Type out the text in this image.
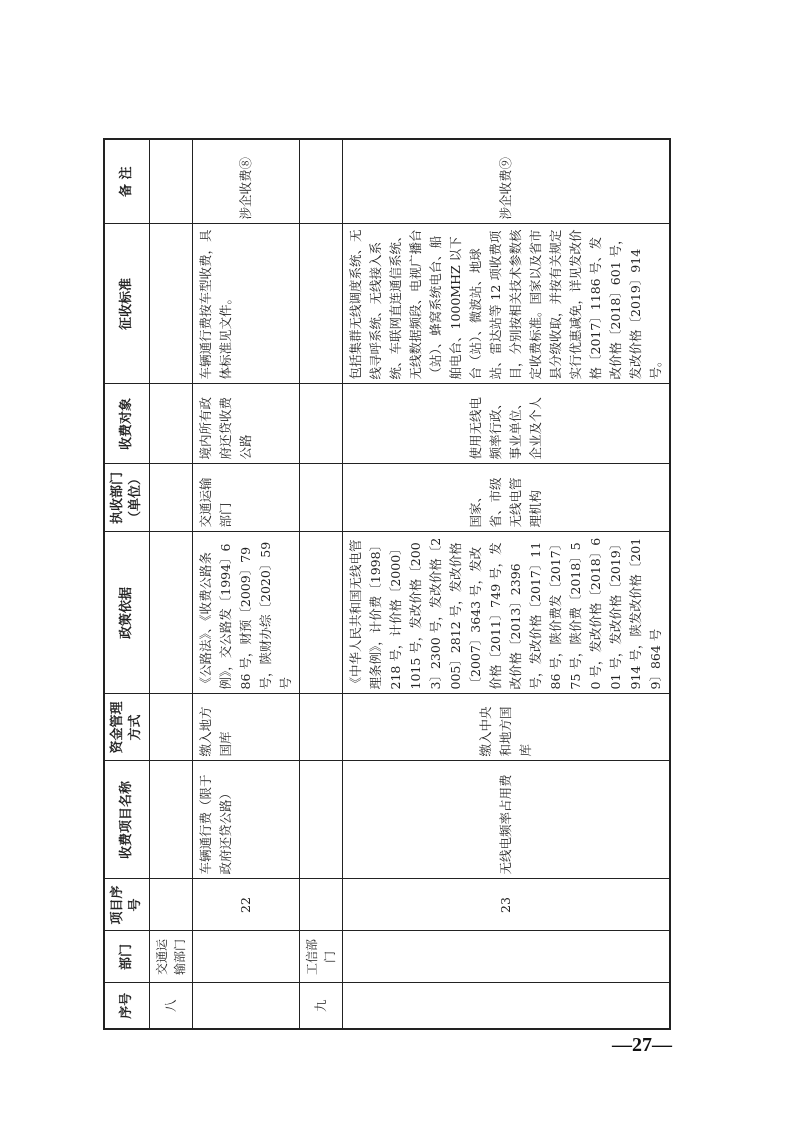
序号	部门	项目序号	收费项目名称	资金管理方式	政策依据	执收部门（单位）	收费对象	征收标准	备 注
八	交通运输部门								
		22	车辆通行费（限于政府还贷公路）	缴入地方国库	《公路法》、《收费公路条例》，交公路发〔1994〕686 号，财预〔2009〕79 号，陕财办综〔2020〕59 号	交通运输部门	境内所有政府还贷收费公路	车辆通行费按车型收费，具体标准见文件。	涉企收费⑧
九	工信部门								
		23	无线电频率占用费	缴入中央和地方国库	《中华人民共和国无线电管理条例》，计价费〔1998〕218 号，计价格〔2000〕1015 号，发改价格〔2003〕2300 号，发改价格〔2005〕2812 号，发改价格〔2007〕3643 号，发改价格〔2011〕749 号，发改价格〔2013〕2396 号，发改价格〔2017〕1186 号，陕价费发〔2017〕75 号，陕价费〔2018〕50 号，发改价格〔2018〕601 号，发改价格〔2019〕914 号，陕发改价格〔2019〕864 号	国家、省、市级无线电管理机构	使用无线电频率行政、事业单位、企业及个人	包括集群无线调度系统、无线寻呼系统、无线接入系统、车联网直连通信系统、无线数据频段、电视广播台（站）、蜂窝系统电台、船舶电台、1000MHZ 以下台（站）、微波站、地球站、雷达站等 12 项收费项目，分别按相关技术参数核定收费标准。国家以及省市县分级收取，并按有关规定实行优惠减免，详见发改价格〔2017〕1186 号、发改价格〔2018〕601 号，发改价格〔2019〕914 号。	涉企收费⑨
—27—
